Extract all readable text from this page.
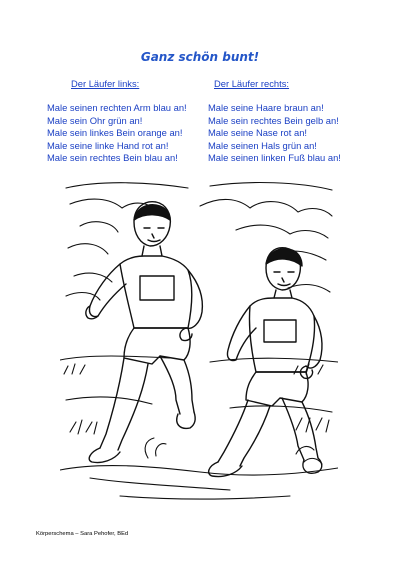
Ganz schön bunt!
Der Läufer links:
Male seinen rechten Arm blau an!
Male sein Ohr grün an!
Male sein linkes Bein orange an!
Male seine linke Hand rot an!
Male sein rechtes Bein blau an!
Der Läufer rechts:
Male seine Haare braun an!
Male sein rechtes Bein gelb an!
Male seine Nase rot an!
Male seinen Hals grün an!
Male seinen linken Fuß blau an!
Körperschema – Sara Pehofer, BEd
